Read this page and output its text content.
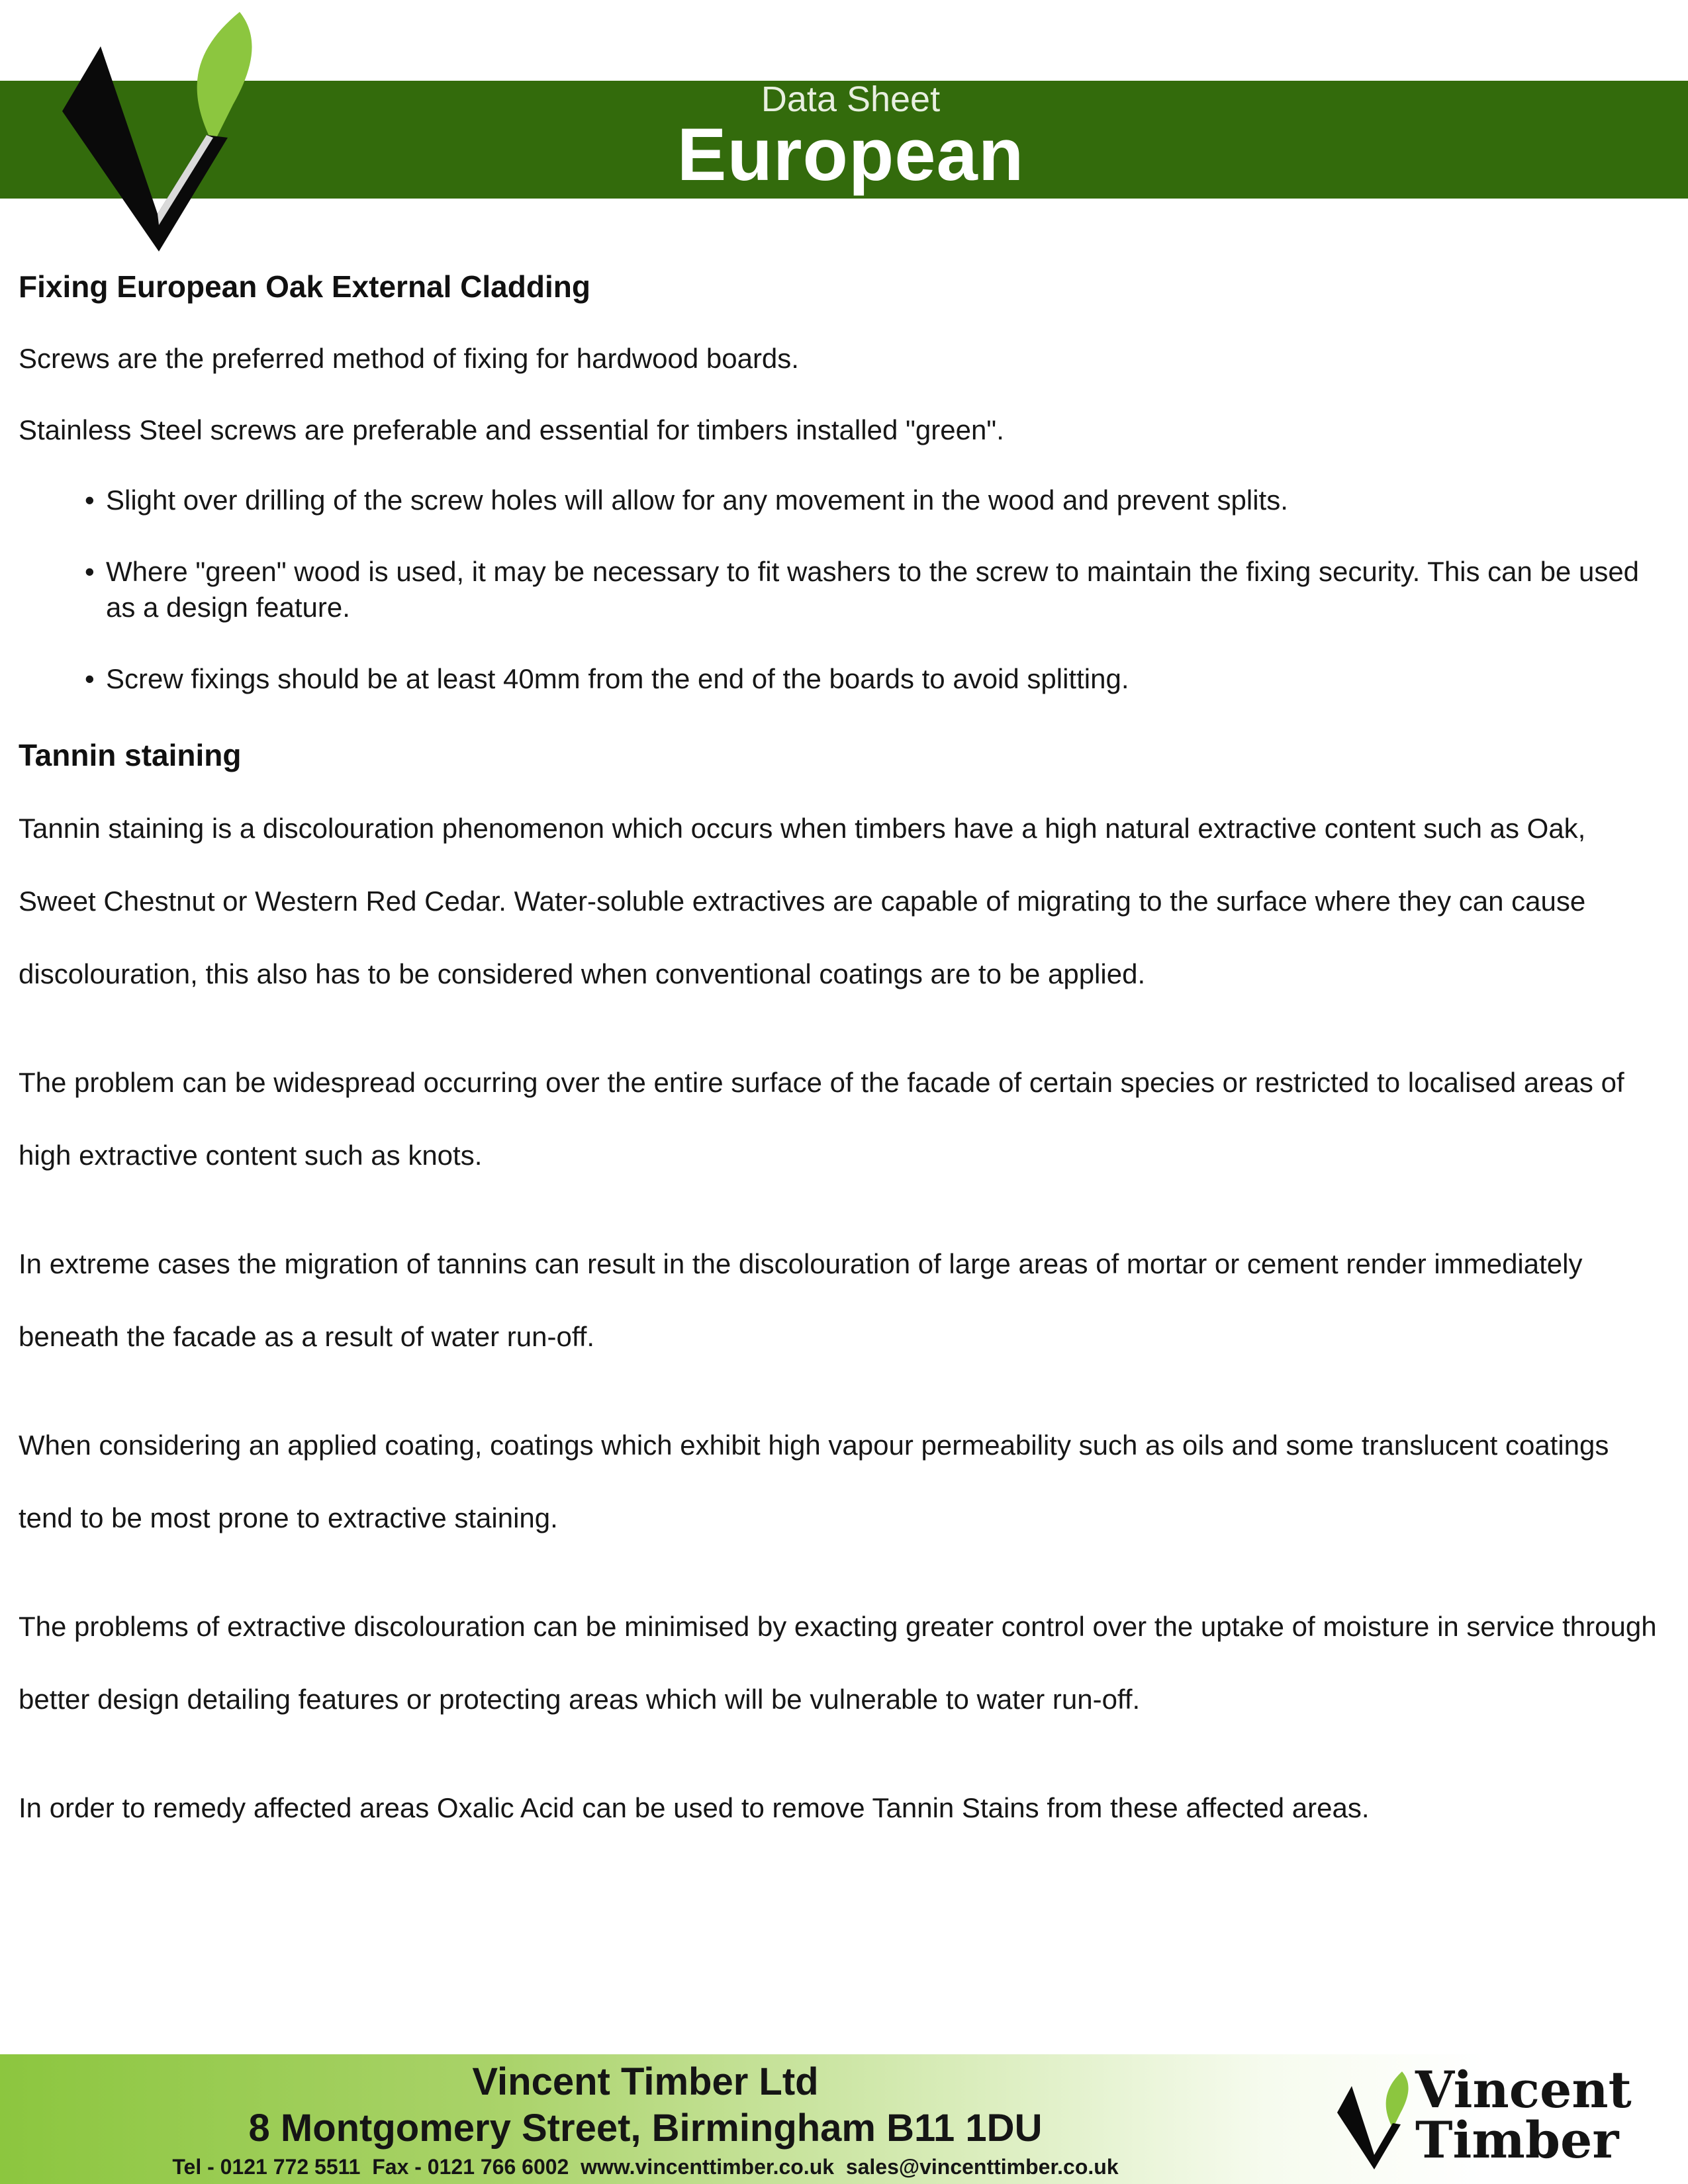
Data Sheet
European Oak
Fixing European Oak External Cladding

Screws are the preferred method of fixing for hardwood boards.

Stainless Steel screws are preferable and essential for timbers installed "green".

• Slight over drilling of the screw holes will allow for any movement in the wood and prevent splits.
• Where "green" wood is used, it may be necessary to fit washers to the screw to maintain the fixing security. This can be used as a design feature.
• Screw fixings should be at least 40mm from the end of the boards to avoid splitting.
Tannin staining

Tannin staining is a discolouration phenomenon which occurs when timbers have a high natural extractive content such as Oak, Sweet Chestnut or Western Red Cedar. Water-soluble extractives are capable of migrating to the surface where they can cause discolouration, this also has to be considered when conventional coatings are to be applied.

The problem can be widespread occurring over the entire surface of the facade of certain species or restricted to localised areas of high extractive content such as knots.

In extreme cases the migration of tannins can result in the discolouration of large areas of mortar or cement render immediately beneath the facade as a result of water run-off.

When considering an applied coating, coatings which exhibit high vapour permeability such as oils and some translucent coatings tend to be most prone to extractive staining.

The problems of extractive discolouration can be minimised by exacting greater control over the uptake of moisture in service through better design detailing features or protecting areas which will be vulnerable to water run-off.

In order to remedy affected areas Oxalic Acid can be used to remove Tannin Stains from these affected areas.

Vincent Timber Ltd
8 Montgomery Street, Birmingham B11 1DU
Tel - 0121 772 5511  Fax - 0121 766 6002  www.vincenttimber.co.uk  sales@vincenttimber.co.uk
Vincent
Timber
